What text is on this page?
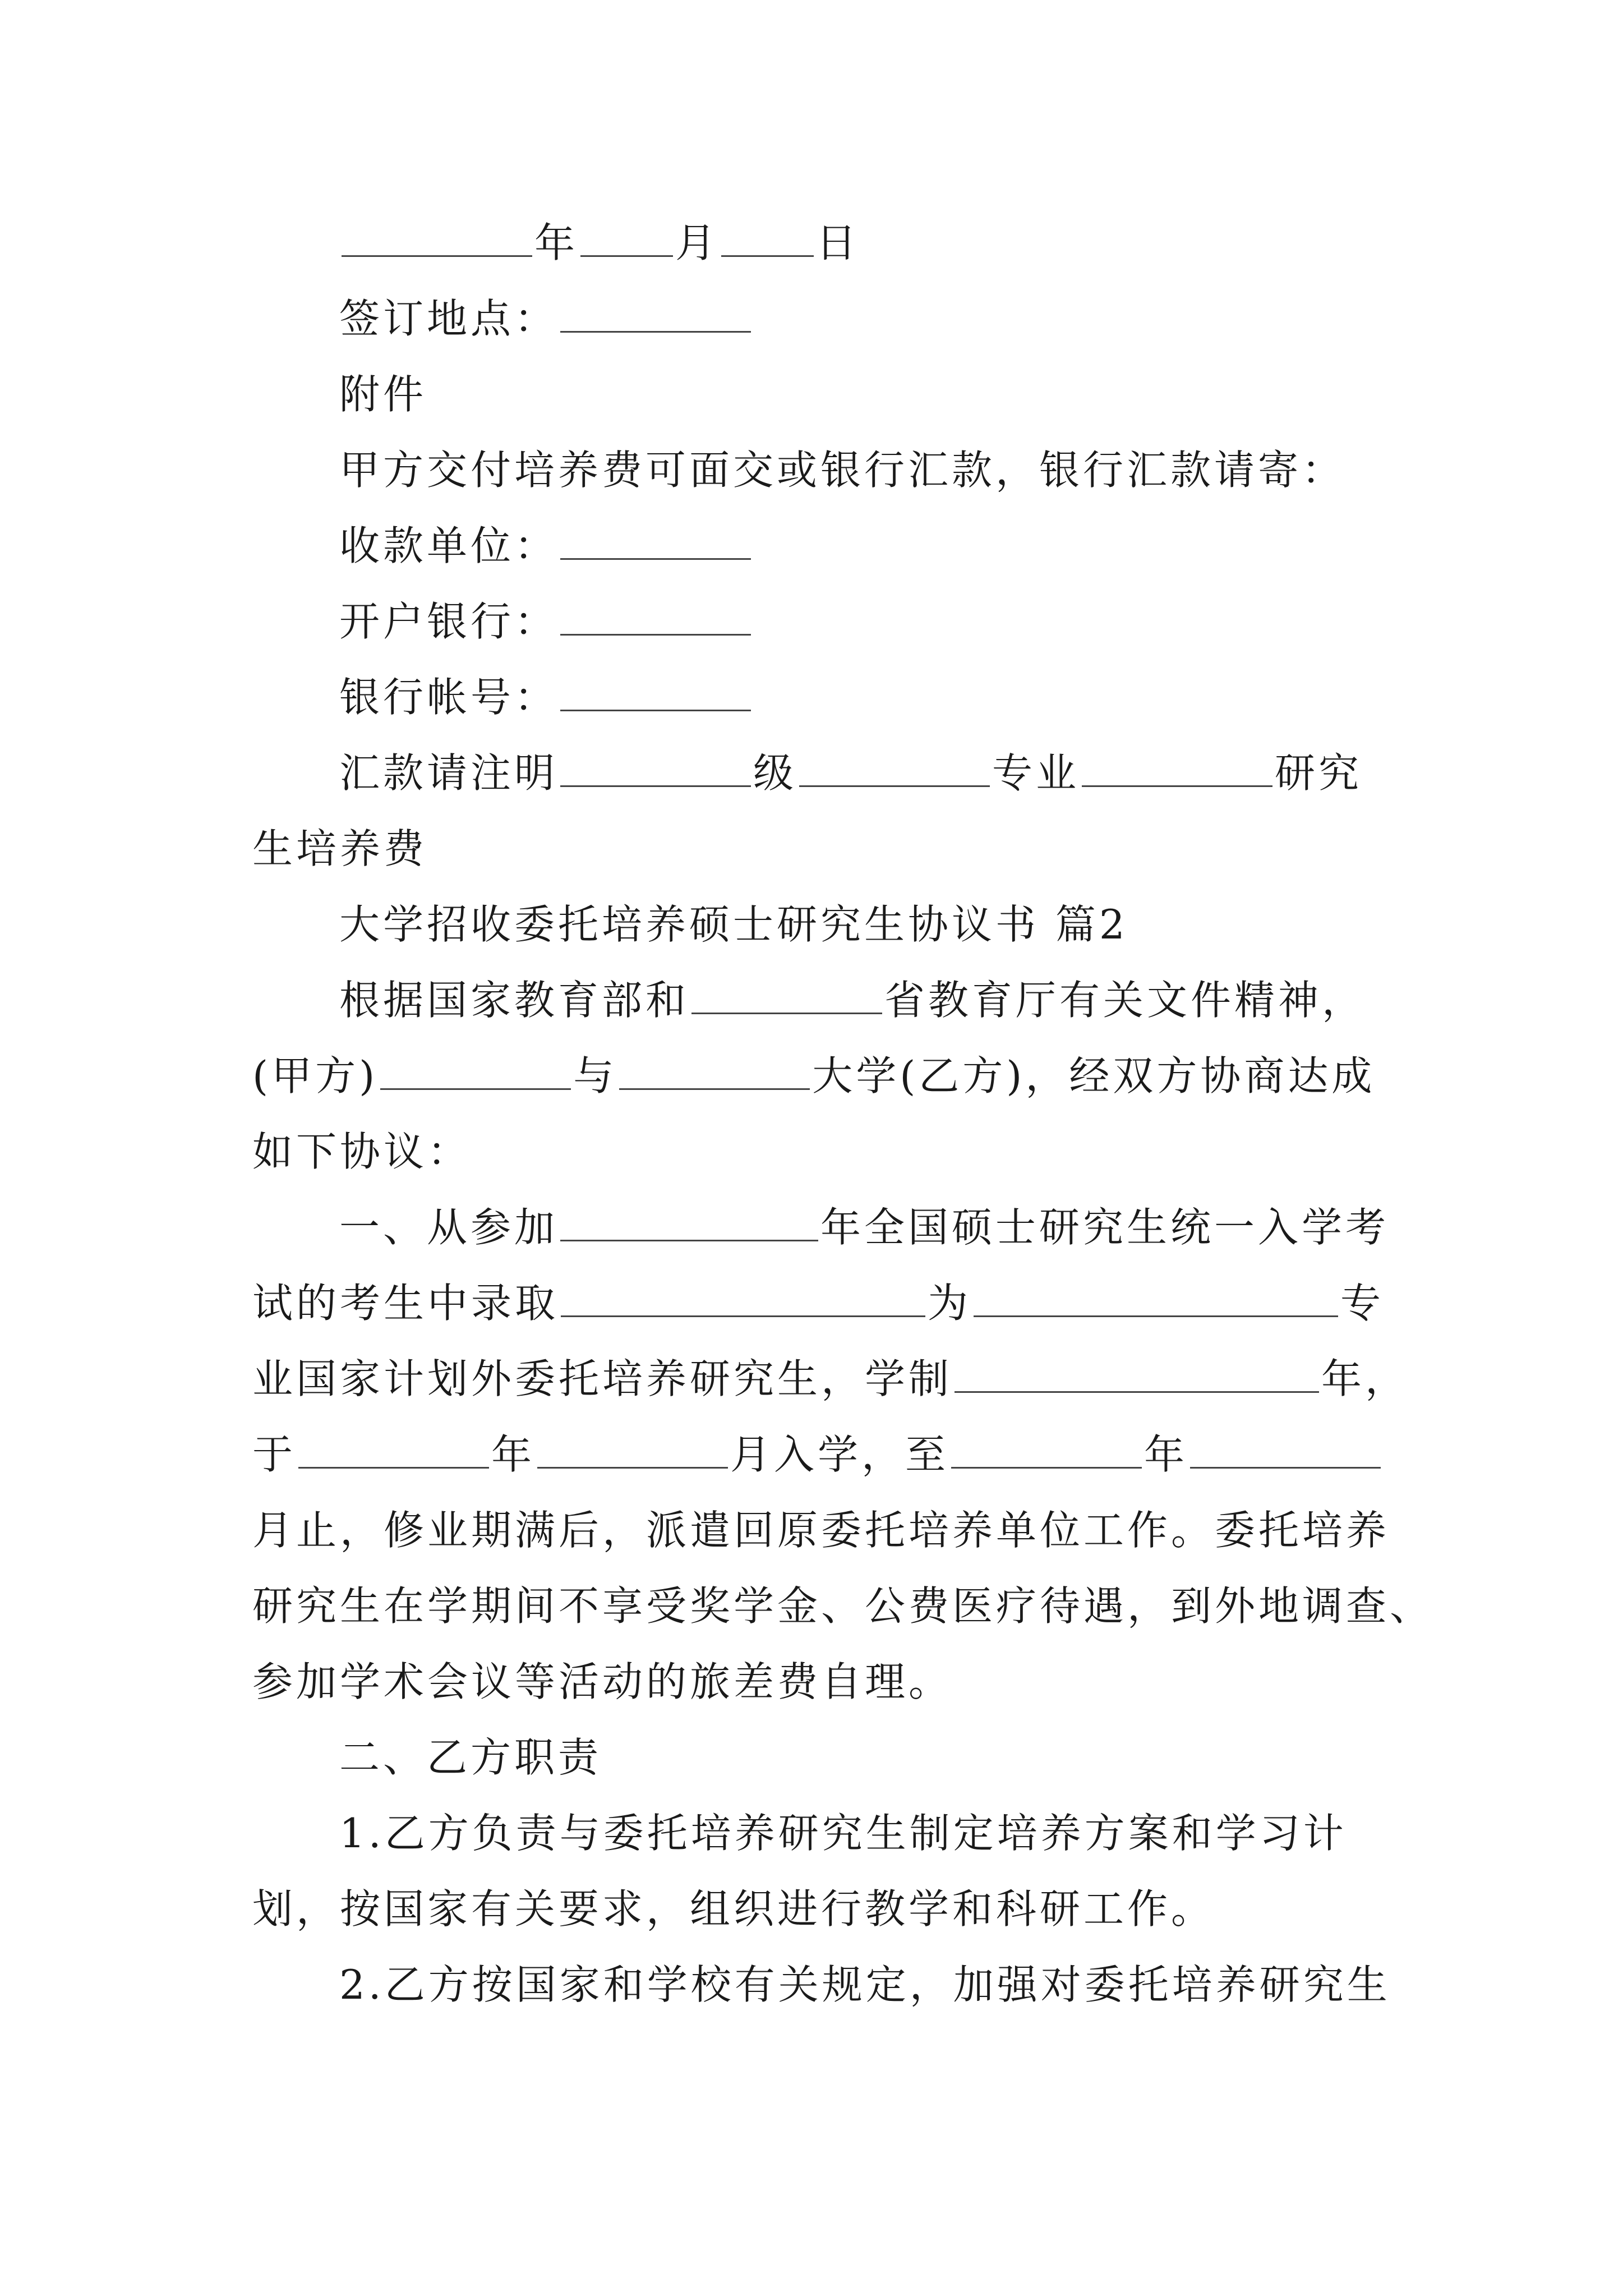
年 月 日
签订地点：
附件
甲方交付培养费可面交或银行汇款，银行汇款请寄：
收款单位：
开户银行：
银行帐号：
汇款请注明	级	专业	研究
生培养费
大学招收委托培养硕士研究生协议书 篇2
根据国家教育部和	省教育厅有关文件精神，
(甲方)	与	大学(乙方)，经双方协商达成
如下协议：
一、从参加	年全国硕士研究生统一入学考
试的考生中录取	为	专
业国家计划外委托培养研究生，学制	年，
于	年	月入学，至	年
月止，修业期满后，派遣回原委托培养单位工作。委托培养
研究生在学期间不享受奖学金、公费医疗待遇，到外地调查、
参加学术会议等活动的旅差费自理。
二、乙方职责
1.乙方负责与委托培养研究生制定培养方案和学习计
划，按国家有关要求，组织进行教学和科研工作。
2.乙方按国家和学校有关规定，加强对委托培养研究生
